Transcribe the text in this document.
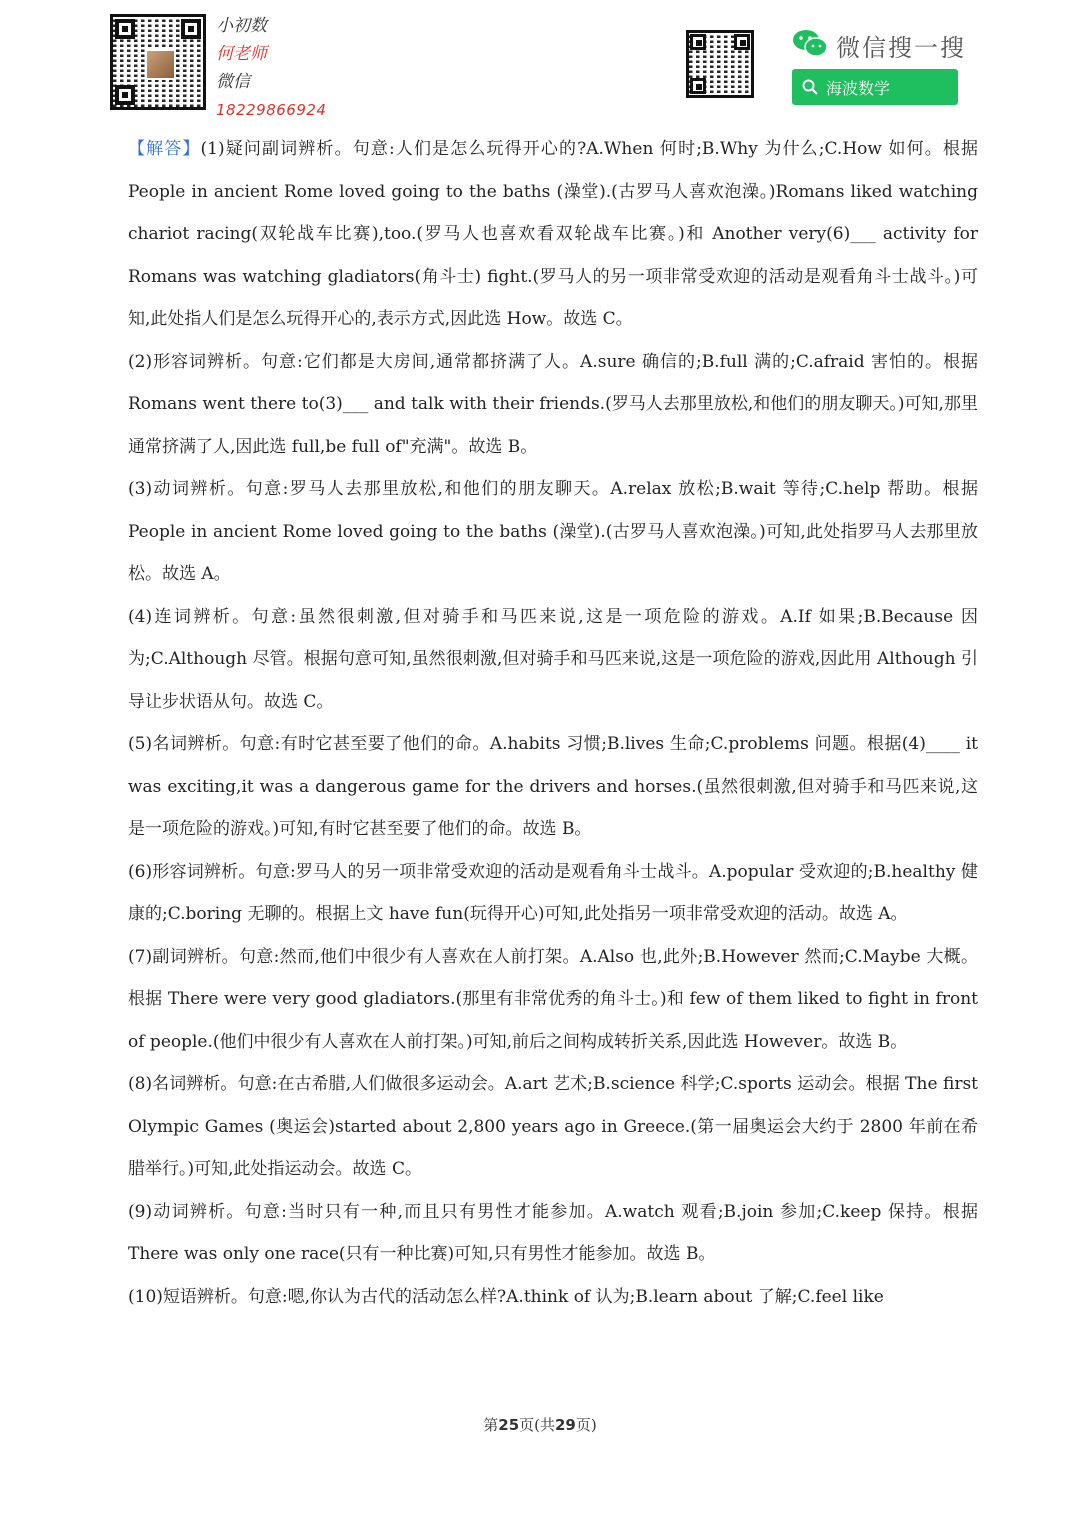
小初数
何老师
微信
18229866924
微信搜一搜
海波数学

【解答】(1)疑问副词辨析。句意:人们是怎么玩得开心的?A.When 何时;B.Why 为什么;C.How 如何。根据 People in ancient Rome loved going to the baths (澡堂).(古罗马人喜欢泡澡。)Romans liked watching chariot racing(双轮战车比赛),too.(罗马人也喜欢看双轮战车比赛。)和 Another very(6)___ activity for Romans was watching gladiators(角斗士) fight.(罗马人的另一项非常受欢迎的活动是观看角斗士战斗。)可知,此处指人们是怎么玩得开心的,表示方式,因此选 How。故选 C。

(2)形容词辨析。句意:它们都是大房间,通常都挤满了人。A.sure 确信的;B.full 满的;C.afraid 害怕的。根据 Romans went there to(3)___ and talk with their friends.(罗马人去那里放松,和他们的朋友聊天。)可知,那里通常挤满了人,因此选 full,be full of"充满"。故选 B。

(3)动词辨析。句意:罗马人去那里放松,和他们的朋友聊天。A.relax 放松;B.wait 等待;C.help 帮助。根据 People in ancient Rome loved going to the baths (澡堂).(古罗马人喜欢泡澡。)可知,此处指罗马人去那里放松。故选 A。

(4)连词辨析。句意:虽然很刺激,但对骑手和马匹来说,这是一项危险的游戏。A.If 如果;B.Because 因为;C.Although 尽管。根据句意可知,虽然很刺激,但对骑手和马匹来说,这是一项危险的游戏,因此用 Although 引导让步状语从句。故选 C。

(5)名词辨析。句意:有时它甚至要了他们的命。A.habits 习惯;B.lives 生命;C.problems 问题。根据(4)____ it was exciting,it was a dangerous game for the drivers and horses.(虽然很刺激,但对骑手和马匹来说,这是一项危险的游戏。)可知,有时它甚至要了他们的命。故选 B。

(6)形容词辨析。句意:罗马人的另一项非常受欢迎的活动是观看角斗士战斗。A.popular 受欢迎的;B.healthy 健康的;C.boring 无聊的。根据上文 have fun(玩得开心)可知,此处指另一项非常受欢迎的活动。故选 A。

(7)副词辨析。句意:然而,他们中很少有人喜欢在人前打架。A.Also 也,此外;B.However 然而;C.Maybe 大概。根据 There were very good gladiators.(那里有非常优秀的角斗士。)和 few of them liked to fight in front of people.(他们中很少有人喜欢在人前打架。)可知,前后之间构成转折关系,因此选 However。故选 B。

(8)名词辨析。句意:在古希腊,人们做很多运动会。A.art 艺术;B.science 科学;C.sports 运动会。根据 The first Olympic Games (奥运会)started about 2,800 years ago in Greece.(第一届奥运会大约于 2800 年前在希腊举行。)可知,此处指运动会。故选 C。

(9)动词辨析。句意:当时只有一种,而且只有男性才能参加。A.watch 观看;B.join 参加;C.keep 保持。根据 There was only one race(只有一种比赛)可知,只有男性才能参加。故选 B。

(10)短语辨析。句意:嗯,你认为古代的活动怎么样?A.think of 认为;B.learn about 了解;C.feel like

第25页(共29页)
